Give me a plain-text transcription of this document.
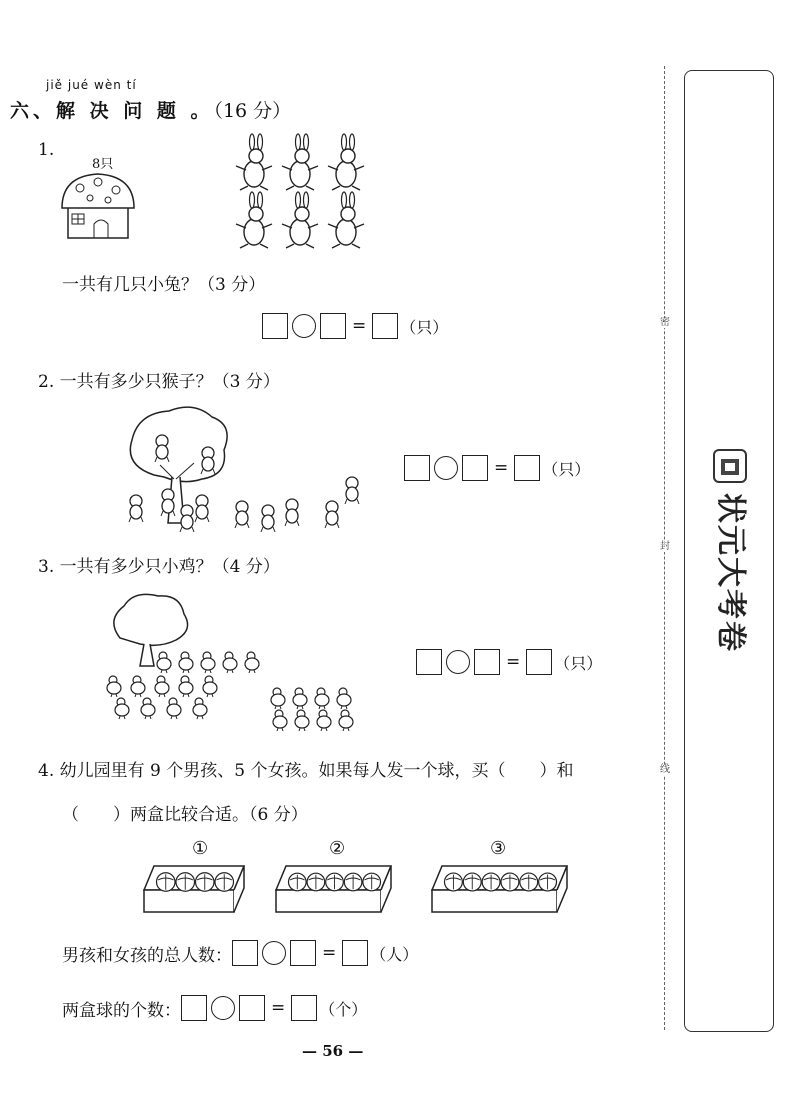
jiě jué wèn tí
六、解 决 问 题 。（16 分）
1.
8只
一共有几只小兔？（3 分）
= （只）
2. 一共有多少只猴子？（3 分）
= （只）
3. 一共有多少只小鸡？（4 分）
= （只）
4. 幼儿园里有 9 个男孩、5 个女孩。如果每人发一个球，买（　　）和
（　　）两盒比较合适。（6 分）
①	②	③
男孩和女孩的总人数：	= （人）
两盒球的个数：	= （个）
— 56 —
密
封
线
状元大考卷
